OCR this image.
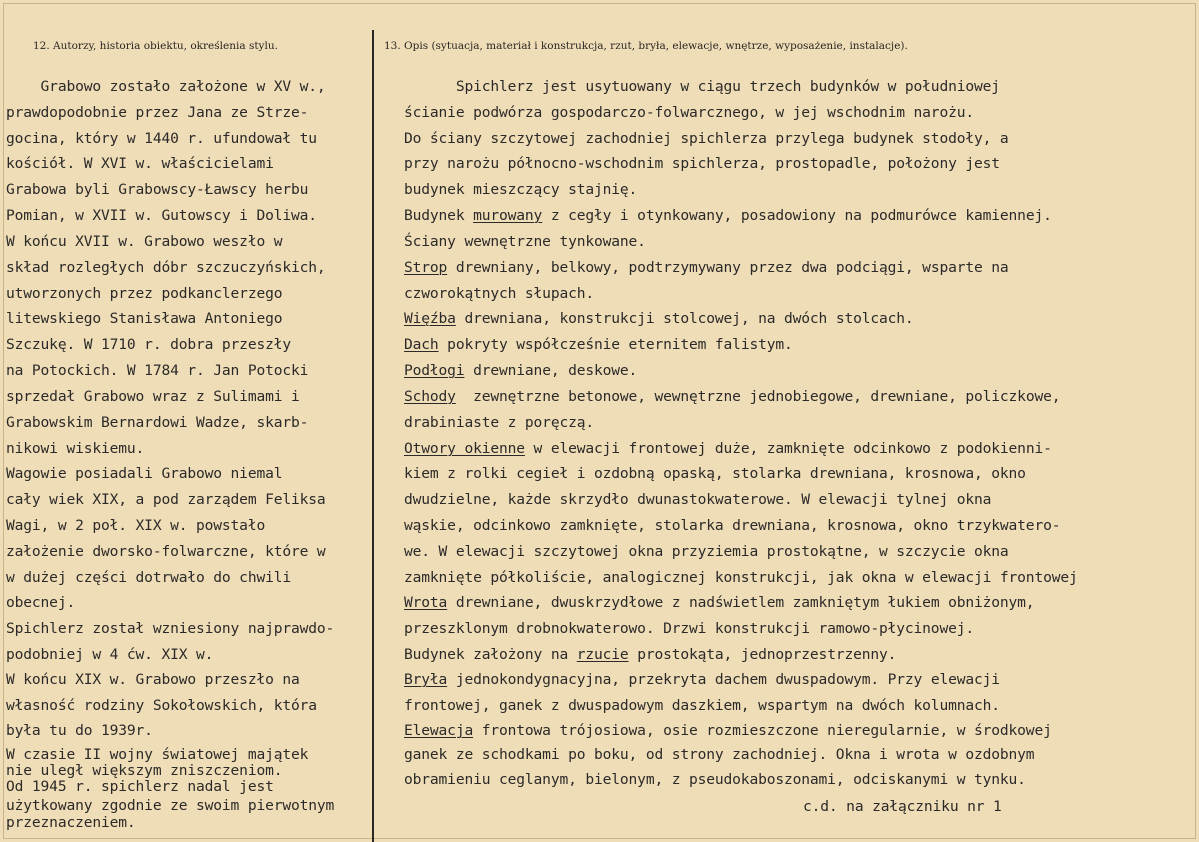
12. Autorzy, historia obiektu, określenia stylu.	13. Opis (sytuacja, materiał i konstrukcja, rzut, bryła, elewacje, wnętrze, wyposażenie, instalacje).
Grabowo zostało założone w XV w.,
prawdopodobnie przez Jana ze Strze-
gocina, który w 1440 r. ufundował tu
kościół. W XVI w. właścicielami
Grabowa byli Grabowscy-Ławscy herbu
Pomian, w XVII w. Gutowscy i Doliwa.
W końcu XVII w. Grabowo weszło w
skład rozległych dóbr szczuczyńskich,
utworzonych przez podkanclerzego
litewskiego Stanisława Antoniego
Szczukę. W 1710 r. dobra przeszły
na Potockich. W 1784 r. Jan Potocki
sprzedał Grabowo wraz z Sulimami i
Grabowskim Bernardowi Wadze, skarb-
nikowi wiskiemu.
Wagowie posiadali Grabowo niemal
cały wiek XIX, a pod zarządem Feliksa
Wagi, w 2 poł. XIX w. powstało
założenie dworsko-folwarczne, które w
w dużej części dotrwało do chwili
obecnej.
Spichlerz został wzniesiony najprawdo-
podobniej w 4 ćw. XIX w.
W końcu XIX w. Grabowo przeszło na
własność rodziny Sokołowskich, która
była tu do 1939r.
W czasie II wojny światowej majątek
nie uległ większym zniszczeniom.
Od 1945 r. spichlerz nadal jest
użytkowany zgodnie ze swoim pierwotnym
przeznaczeniem.
Spichlerz jest usytuowany w ciągu trzech budynków w południowej
ścianie podwórza gospodarczo-folwarcznego, w jej wschodnim narożu.
Do ściany szczytowej zachodniej spichlerza przylega budynek stodoły, a
przy narożu północno-wschodnim spichlerza, prostopadle, położony jest
budynek mieszczący stajnię.
Budynek murowany z cegły i otynkowany, posadowiony na podmurówce kamiennej.
Ściany wewnętrzne tynkowane.
Strop drewniany, belkowy, podtrzymywany przez dwa podciągi, wsparte na
czworokątnych słupach.
Więźba drewniana, konstrukcji stolcowej, na dwóch stolcach.
Dach pokryty współcześnie eternitem falistym.
Podłogi drewniane, deskowe.
Schody  zewnętrzne betonowe, wewnętrzne jednobiegowe, drewniane, policzkowe,
drabiniaste z poręczą.
Otwory okienne w elewacji frontowej duże, zamknięte odcinkowo z podokienni-
kiem z rolki cegieł i ozdobną opaską, stolarka drewniana, krosnowa, okno
dwudzielne, każde skrzydło dwunastokwaterowe. W elewacji tylnej okna
wąskie, odcinkowo zamknięte, stolarka drewniana, krosnowa, okno trzykwatero-
we. W elewacji szczytowej okna przyziemia prostokątne, w szczycie okna
zamknięte półkoliście, analogicznej konstrukcji, jak okna w elewacji frontowej
Wrota drewniane, dwuskrzydłowe z nadświetlem zamkniętym łukiem obniżonym,
przeszklonym drobnokwaterowo. Drzwi konstrukcji ramowo-płycinowej.
Budynek założony na rzucie prostokąta, jednoprzestrzenny.
Bryła jednokondygnacyjna, przekryta dachem dwuspadowym. Przy elewacji
frontowej, ganek z dwuspadowym daszkiem, wspartym na dwóch kolumnach.
Elewacja frontowa trójosiowa, osie rozmieszczone nieregularnie, w środkowej
ganek ze schodkami po boku, od strony zachodniej. Okna i wrota w ozdobnym
obramieniu ceglanym, bielonym, z pseudokaboszonami, odciskanymi w tynku.
c.d. na załączniku nr 1
